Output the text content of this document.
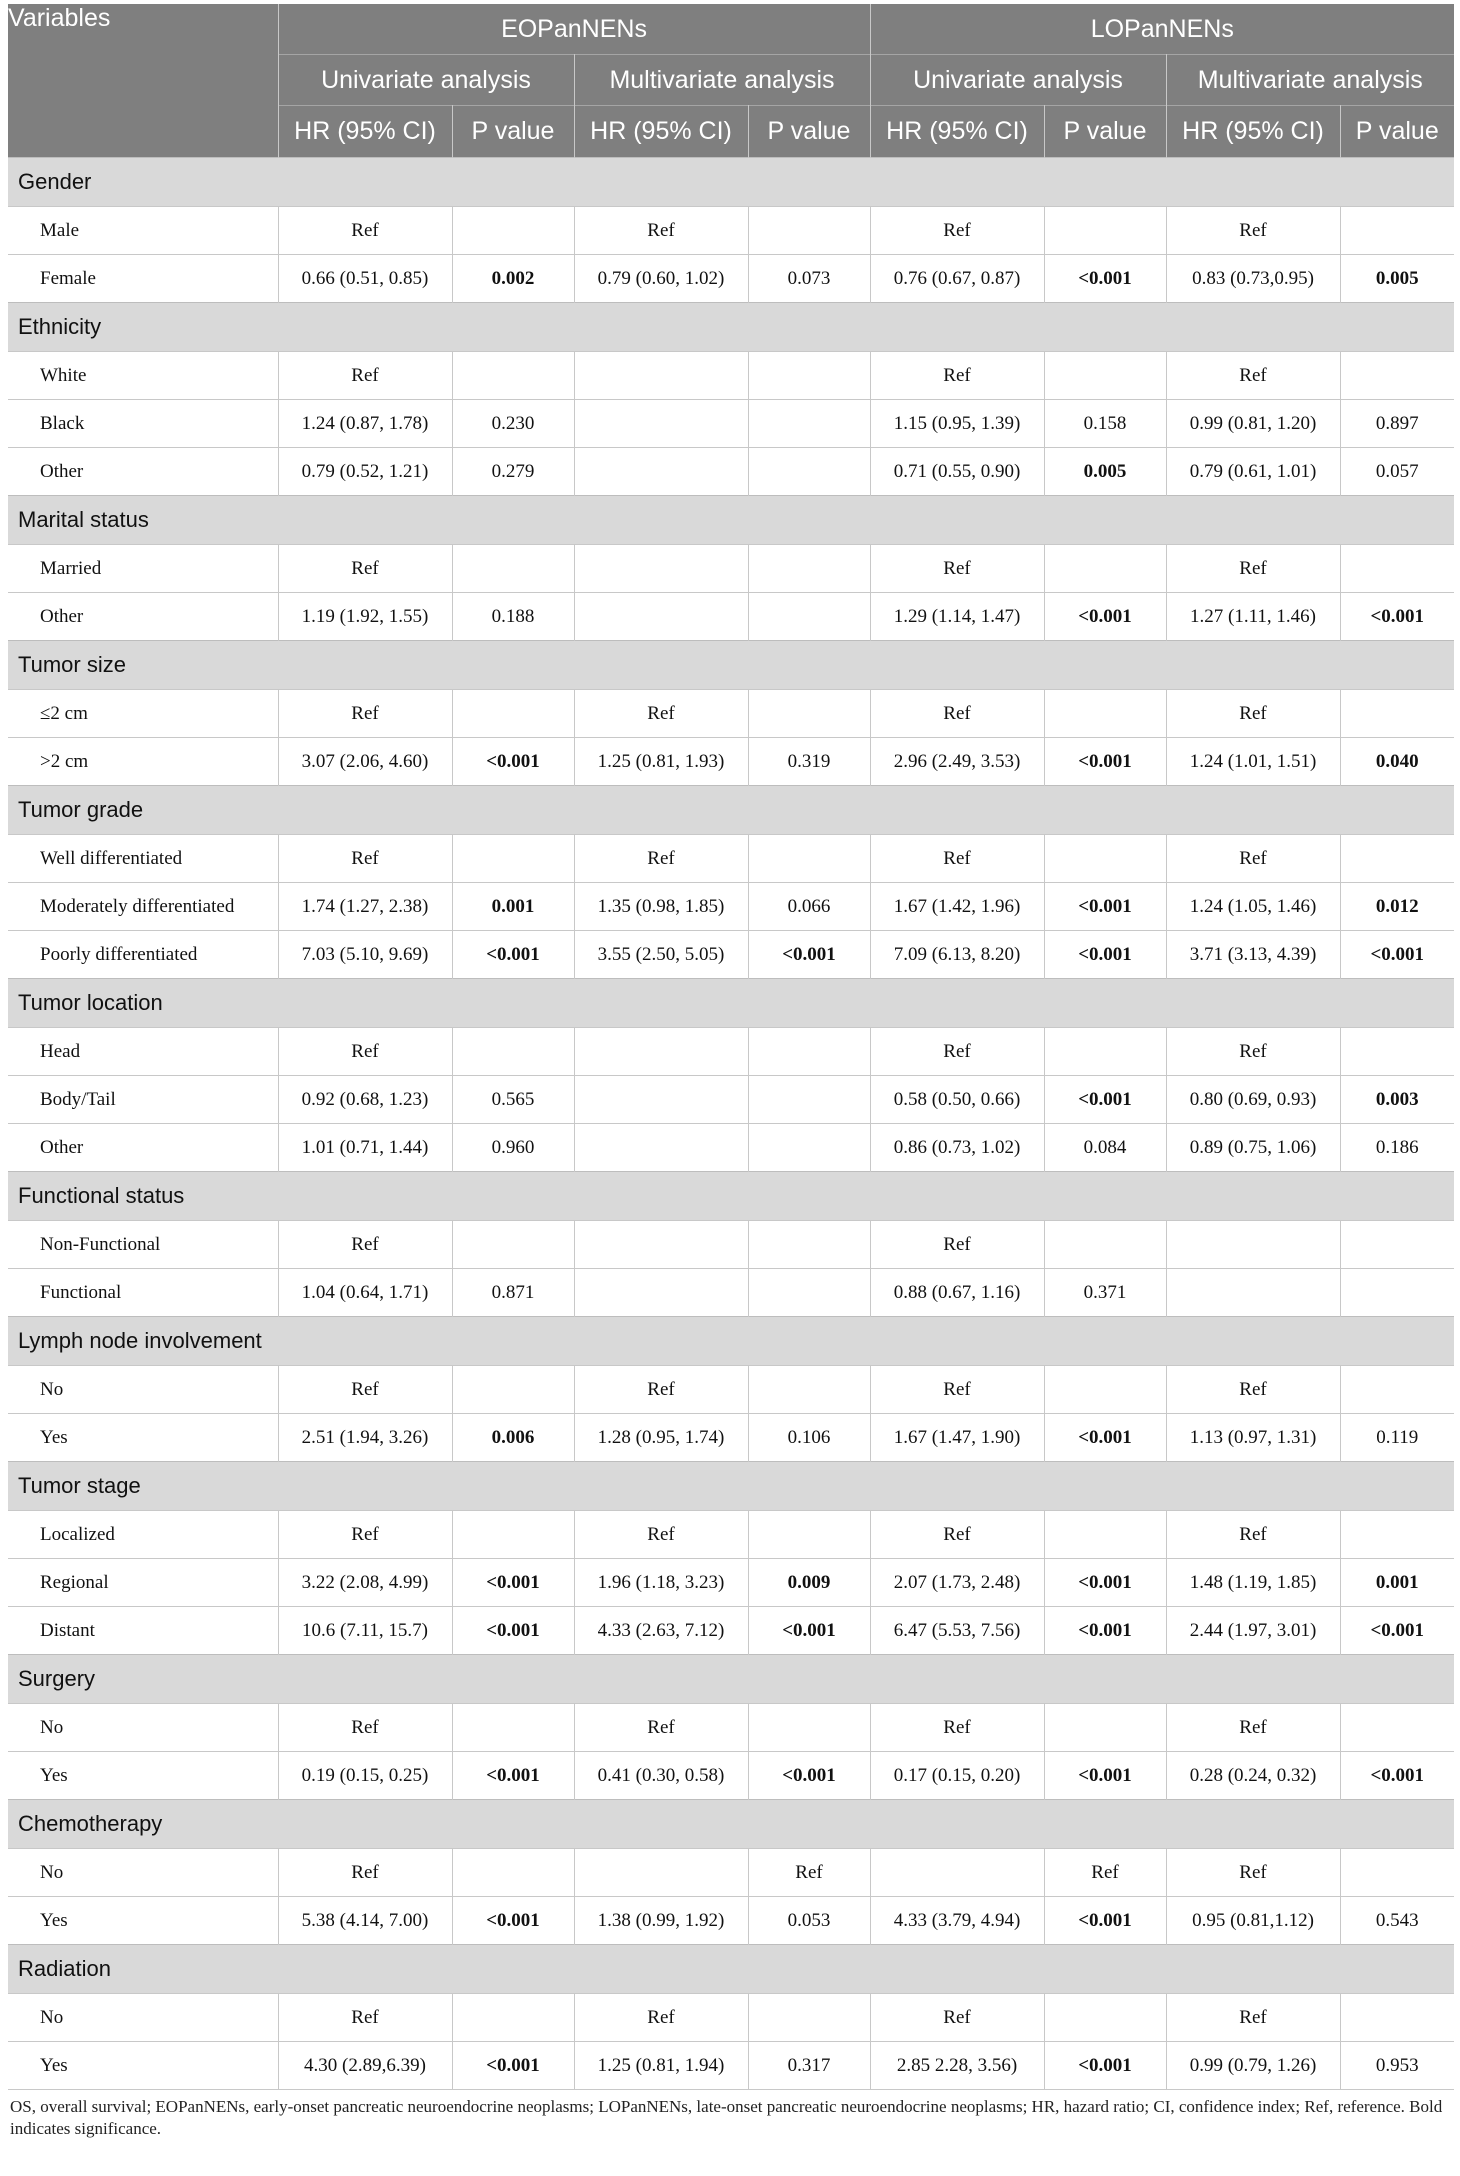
Variables	EOPanNENs				LOPanNENs			
	Univariate analysis		Multivariate analysis		Univariate analysis		Multivariate analysis	
	HR (95% CI)	P value	HR (95% CI)	P value	HR (95% CI)	P value	HR (95% CI)	P value
Gender								
Male	Ref		Ref		Ref		Ref	
Female	0.66 (0.51, 0.85)	0.002	0.79 (0.60, 1.02)	0.073	0.76 (0.67, 0.87)	<0.001	0.83 (0.73,0.95)	0.005
Ethnicity								
White	Ref				Ref		Ref	
Black	1.24 (0.87, 1.78)	0.230			1.15 (0.95, 1.39)	0.158	0.99 (0.81, 1.20)	0.897
Other	0.79 (0.52, 1.21)	0.279			0.71 (0.55, 0.90)	0.005	0.79 (0.61, 1.01)	0.057
Marital status								
Married	Ref				Ref		Ref	
Other	1.19 (1.92, 1.55)	0.188			1.29 (1.14, 1.47)	<0.001	1.27 (1.11, 1.46)	<0.001
Tumor size								
≤2 cm	Ref		Ref		Ref		Ref	
>2 cm	3.07 (2.06, 4.60)	<0.001	1.25 (0.81, 1.93)	0.319	2.96 (2.49, 3.53)	<0.001	1.24 (1.01, 1.51)	0.040
Tumor grade								
Well differentiated	Ref		Ref		Ref		Ref	
Moderately differentiated	1.74 (1.27, 2.38)	0.001	1.35 (0.98, 1.85)	0.066	1.67 (1.42, 1.96)	<0.001	1.24 (1.05, 1.46)	0.012
Poorly differentiated	7.03 (5.10, 9.69)	<0.001	3.55 (2.50, 5.05)	<0.001	7.09 (6.13, 8.20)	<0.001	3.71 (3.13, 4.39)	<0.001
Tumor location								
Head	Ref				Ref		Ref	
Body/Tail	0.92 (0.68, 1.23)	0.565			0.58 (0.50, 0.66)	<0.001	0.80 (0.69, 0.93)	0.003
Other	1.01 (0.71, 1.44)	0.960			0.86 (0.73, 1.02)	0.084	0.89 (0.75, 1.06)	0.186
Functional status								
Non-Functional	Ref				Ref			
Functional	1.04 (0.64, 1.71)	0.871			0.88 (0.67, 1.16)	0.371		
Lymph node involvement								
No	Ref		Ref		Ref		Ref	
Yes	2.51 (1.94, 3.26)	0.006	1.28 (0.95, 1.74)	0.106	1.67 (1.47, 1.90)	<0.001	1.13 (0.97, 1.31)	0.119
Tumor stage								
Localized	Ref		Ref		Ref		Ref	
Regional	3.22 (2.08, 4.99)	<0.001	1.96 (1.18, 3.23)	0.009	2.07 (1.73, 2.48)	<0.001	1.48 (1.19, 1.85)	0.001
Distant	10.6 (7.11, 15.7)	<0.001	4.33 (2.63, 7.12)	<0.001	6.47 (5.53, 7.56)	<0.001	2.44 (1.97, 3.01)	<0.001
Surgery								
No	Ref		Ref		Ref		Ref	
Yes	0.19 (0.15, 0.25)	<0.001	0.41 (0.30, 0.58)	<0.001	0.17 (0.15, 0.20)	<0.001	0.28 (0.24, 0.32)	<0.001
Chemotherapy								
No	Ref			Ref		Ref	Ref	
Yes	5.38 (4.14, 7.00)	<0.001	1.38 (0.99, 1.92)	0.053	4.33 (3.79, 4.94)	<0.001	0.95 (0.81,1.12)	0.543
Radiation								
No	Ref		Ref		Ref		Ref	
Yes	4.30 (2.89,6.39)	<0.001	1.25 (0.81, 1.94)	0.317	2.85 2.28, 3.56)	<0.001	0.99 (0.79, 1.26)	0.953
OS, overall survival; EOPanNENs, early-onset pancreatic neuroendocrine neoplasms; LOPanNENs, late-onset pancreatic neuroendocrine neoplasms; HR, hazard ratio; CI, confidence index; Ref, reference. Bold indicates significance.
